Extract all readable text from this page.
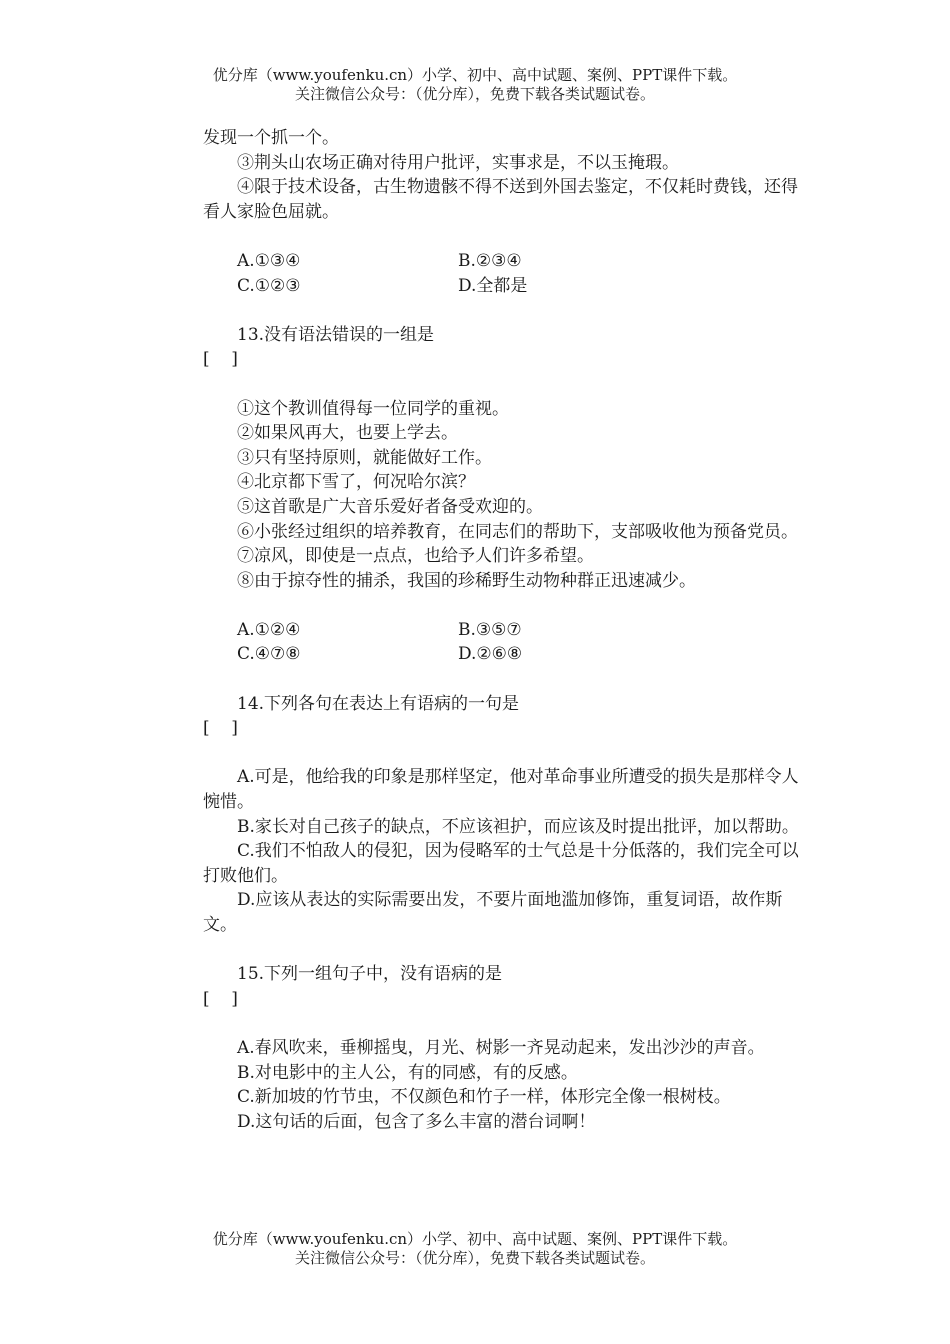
优分库（www.youfenku.cn）小学、初中、高中试题、案例、PPT课件下载。
关注微信公众号：（优分库），免费下载各类试题试卷。

发现一个抓一个。

③荆头山农场正确对待用户批评，实事求是，不以玉掩瑕。

④限于技术设备，古生物遗骸不得不送到外国去鉴定，不仅耗时费钱，还得看人家脸色屈就。

A.①③④	B.②③④
C.①②③	D.全都是

13.没有语法错误的一组是

[    ]

①这个教训值得每一位同学的重视。

②如果风再大，也要上学去。

③只有坚持原则，就能做好工作。

④北京都下雪了，何况哈尔滨？

⑤这首歌是广大音乐爱好者备受欢迎的。

⑥小张经过组织的培养教育，在同志们的帮助下，支部吸收他为预备党员。

⑦凉风，即使是一点点，也给予人们许多希望。

⑧由于掠夺性的捕杀，我国的珍稀野生动物种群正迅速减少。

A.①②④	B.③⑤⑦
C.④⑦⑧	D.②⑥⑧

14.下列各句在表达上有语病的一句是

[    ]

A.可是，他给我的印象是那样坚定，他对革命事业所遭受的损失是那样令人惋惜。

B.家长对自己孩子的缺点，不应该袒护，而应该及时提出批评，加以帮助。

C.我们不怕敌人的侵犯，因为侵略军的士气总是十分低落的，我们完全可以打败他们。

D.应该从表达的实际需要出发，不要片面地滥加修饰，重复词语，故作斯文。

15.下列一组句子中，没有语病的是

[    ]

A.春风吹来，垂柳摇曳，月光、树影一齐晃动起来，发出沙沙的声音。

B.对电影中的主人公，有的同感，有的反感。

C.新加坡的竹节虫，不仅颜色和竹子一样，体形完全像一根树枝。

D.这句话的后面，包含了多么丰富的潜台词啊！

优分库（www.youfenku.cn）小学、初中、高中试题、案例、PPT课件下载。
关注微信公众号：（优分库），免费下载各类试题试卷。
